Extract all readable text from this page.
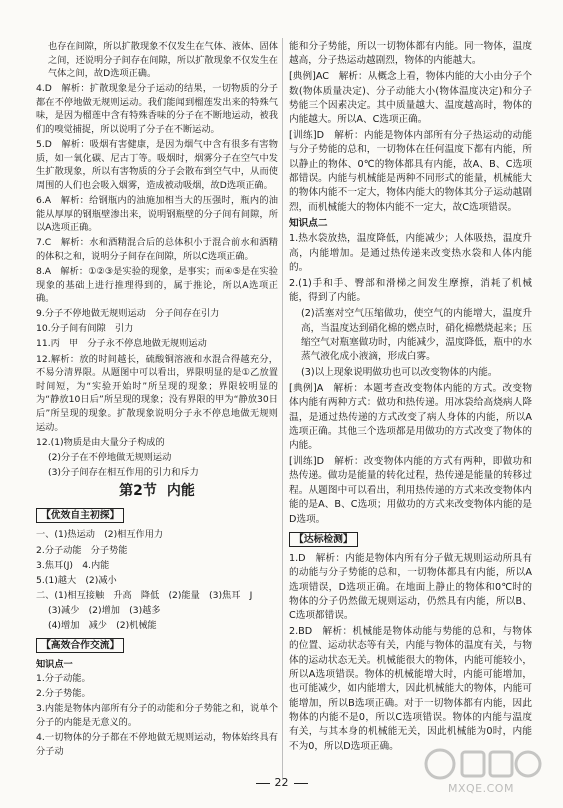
也存在间隙，所以扩散现象不仅发生在气体、液体、固体之间，还说明分子间存在间隙，所以扩散现象不仅发生在气体之间，故D选项正确。

4.D　解析：扩散现象是分子运动的结果，一切物质的分子都在不停地做无规则运动。我们能闻到榴莲发出来的特殊气味，是因为榴莲中含有特殊香味的分子在不断地运动，被我们的嗅觉捕捉，所以说明了分子在不断运动。

5.D　解析：吸烟有害健康，是因为烟气中含有很多有害物质，如一氧化碳、尼古丁等。吸烟时，烟雾分子在空气中发生扩散现象，所以有害物质的分子会散布到空气中，从而使周围的人们也会吸入烟雾，造成被动吸烟，故D选项正确。

6.A　解析：给钢瓶内的油施加相当大的压强时，瓶内的油能从厚厚的钢瓶壁渗出来，说明钢瓶壁的分子间有间隙，所以A选项正确。

7.C　解析：水和酒精混合后的总体积小于混合前水和酒精的体积之和，说明分子间存在间隙，所以C选项正确。

8.A　解析：①②③是实验的现象，是事实；而④⑤是在实验现象的基础上进行推理得到的，属于推论，所以A选项正确。

9.分子不停地做无规则运动　分子间存在引力

10.分子间有间隙　引力

11.丙　甲　分子永不停息地做无规则运动

12.解析：放的时间越长，硫酸铜溶液和水混合得越充分，不易分清界限。从题图中可以看出，界限明显的是①乙放置时间短，为“实验开始时”所呈现的现象；界限较明显的为“静放10日后”所呈现的现象；没有界限的甲为“静放30日后”所呈现的现象。扩散现象说明分子永不停息地做无规则运动。

12.(1)物质是由大量分子构成的

(2)分子在不停地做无规则运动

(3)分子间存在相互作用的引力和斥力

第2节 内能
【优效自主初探】

一、(1)热运动　(2)相互作用力

2.分子动能　分子势能

3.焦耳(J)　4.内能

5.(1)越大　(2)减小

二、(1)相互接触　升高　降低　(2)能量　(3)焦耳　J

(3)减少　(2)增加　(3)越多

(4)增加　减少　(2)机械能

【高效合作交流】
知识点一

1.分子动能。

2.分子势能。

3.内能是物体内部所有分子的动能和分子势能之和，说单个分子的内能是无意义的。

4.一切物体的分子都在不停地做无规则运动，物体始终具有分子动

能和分子势能，所以一切物体都有内能。同一物体，温度越高，分子热运动越剧烈，物体的内能越大。

[典例]AC　解析：从概念上看，物体内能的大小由分子个数(物体质量决定)、分子动能大小(物体温度决定)和分子势能三个因素决定。其中质量越大、温度越高时，物体的内能越大。所以A、C选项正确。

[训练]D　解析：内能是物体内部所有分子热运动的动能与分子势能的总和，一切物体在任何温度下都有内能，所以静止的物体、0℃的物体都具有内能，故A、B、C选项都错误。内能与机械能是两种不同形式的能量，机械能大的物体内能不一定大，物体内能大的物体其分子运动越剧烈，而机械能大的物体内能不一定大，故C选项错误。

知识点二

1.热水袋放热，温度降低，内能减少；人体吸热，温度升高，内能增加。是通过热传递来改变热水袋和人体内能的。

2.(1)手和手、臀部和滑梯之间发生摩擦，消耗了机械能，得到了内能。

(2)活塞对空气压缩做功，使空气的内能增大，温度升高，当温度达到硝化棉的燃点时，硝化棉燃烧起来；压缩空气对瓶塞做功时，内能减少，温度降低，瓶中的水蒸气液化成小液滴，形成白雾。

(3)以上现象说明做功也可以改变物体的内能。

[典例]A　解析：本题考查改变物体内能的方式。改变物体内能有两种方式：做功和热传递。用冰袋给高烧病人降温，是通过热传递的方式改变了病人身体的内能，所以A选项正确。其他三个选项都是用做功的方式改变了物体的内能。

[训练]D　解析：改变物体内能的方式有两种，即做功和热传递。做功是能量的转化过程，热传递是能量的转移过程。从题图中可以看出，利用热传递的方式来改变物体内能的是A、B、C选项；用做功的方式来改变物体内能的是D选项。

【达标检测】

1.D　解析：内能是物体内所有分子做无规则运动所具有的动能与分子势能的总和，一切物体都具有内能，所以A选项错误，D选项正确。在地面上静止的物体和0℃时的物体的分子仍然做无规则运动，仍然具有内能，所以B、C选项都错误。

2.BD　解析：机械能是物体动能与势能的总和，与物体的位置、运动状态等有关，内能与物体的温度有关，与物体的运动状态无关。机械能很大的物体，内能可能较小，所以A选项错误。物体的机械能增大时，内能可能增加，也可能减少，如内能增大，因此机械能大的物体，内能可能增加，所以B选项正确。对于一切物体都有内能，因此物体的内能不是0，所以C选项错误。物体的内能与温度有关，与其本身的机械能无关，因此机械能为0时，内能不为0，所以D选项正确。

22	MXQE.COM
